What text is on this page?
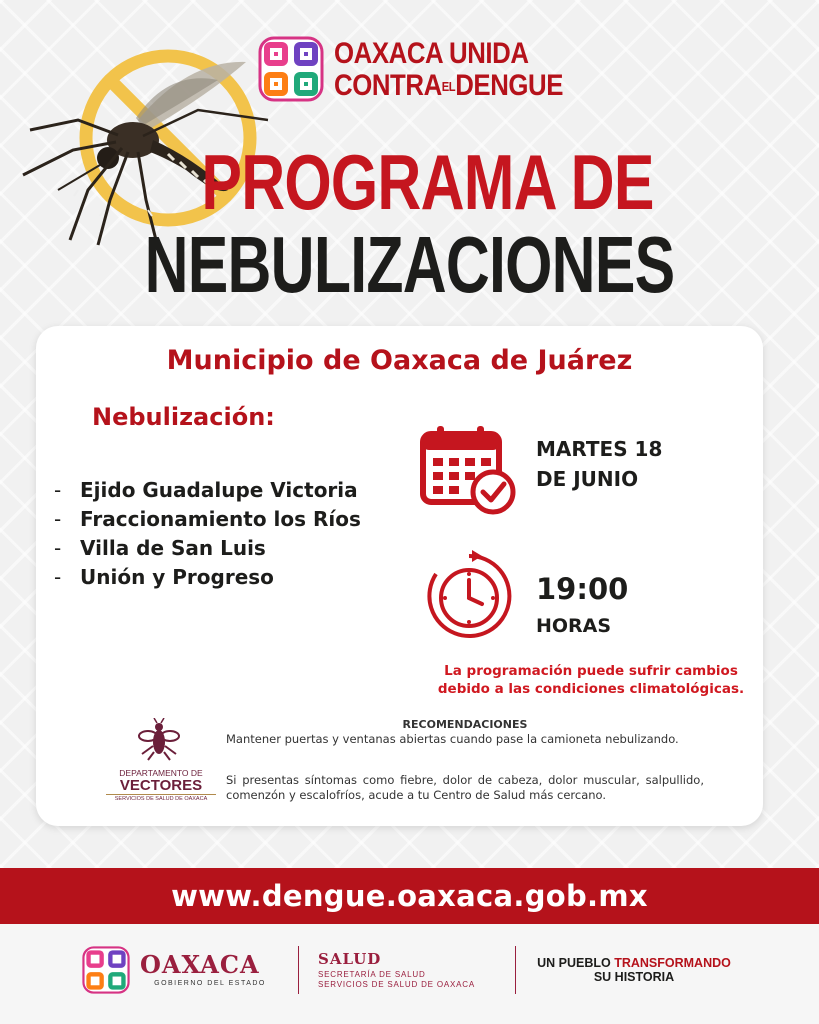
OAXACA UNIDA
CONTRAELDENGUE
PROGRAMA DE
NEBULIZACIONES
Municipio de Oaxaca de Juárez
Nebulización:
- Ejido Guadalupe Victoria
- Fraccionamiento los Ríos
- Villa de San Luis
- Unión y Progreso
MARTES 18
DE JUNIO
19:00
HORAS
La programación puede sufrir cambios
debido a las condiciones climatológicas.
DEPARTAMENTO DE
VECTORES
SERVICIOS DE SALUD DE OAXACA
RECOMENDACIONES
Mantener puertas y ventanas abiertas cuando pase la camioneta nebulizando.
Si presentas síntomas como fiebre, dolor de cabeza, dolor muscular, salpullido, comenzón y escalofríos, acude a tu Centro de Salud más cercano.
www.dengue.oaxaca.gob.mx
OAXACA
GOBIERNO DEL ESTADO
SALUD
SECRETARÍA DE SALUD
SERVICIOS DE SALUD DE OAXACA
UN PUEBLO TRANSFORMANDO
SU HISTORIA
